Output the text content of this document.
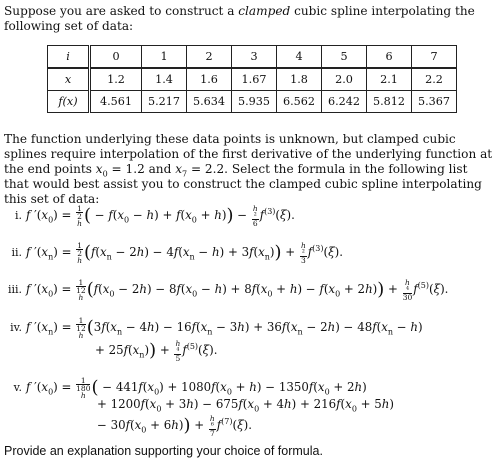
Suppose you are asked to construct a clamped cubic spline interpolating the following set of data:
i	0	1	2	3	4	5	6	7
x	1.2	1.4	1.6	1.67	1.8	2.0	2.1	2.2
f(x)	4.561	5.217	5.634	5.935	6.562	6.242	5.812	5.367
The function underlying these data points is unknown, but clamped cubic splines require interpolation of the first derivative of the underlying function at the end points $x_0 = 1.2$ and $x_7 = 2.2$. Select the formula in the following list that would best assist you to construct the clamped cubic spline interpolating this set of data:
i. f $'(x_0) = 1$
2
h ( − $f(x_0 - h) + f(x_0 + h)) - h$
²
6 $f^{(3)}(\xi)$.
ii. f $'(x_n) = 1$
2
h $(f(x_n - 2h) - 4f(x_n - h) + 3f(x_n)) + h$
²
3 $f^{(3)}(\xi)$.
iii. f $'(x_0) = 1$
12
h $(f(x_0 - 2h) - 8f(x_0 - h) + 8f(x_0 + h) - f(x_0 + 2h)) + h$
⁴
30 $f^{(5)}(\xi)$.
iv. f $'(x_n) = 1$
12
h ($3f(x_n - 4h) - 16f(x_n - 3h) + 36f(x_n - 2h) - 48f(x_n - h)$
+ $25f(x_n)) + h$
⁴
5 $f^{(5)}(\xi)$.
v. f $'(x_0) = 1$
180
h ( − $441f(x_0) + 1080f(x_0 + h) - 1350f(x_0 + 2h)$
+ $1200f(x_0 + 3h) - 675f(x_0 + 4h) + 216f(x_0 + 5h)$
− $30f(x_0 + 6h)) + h$
⁶
7 $f^{(7)}(\xi)$.
Provide an explanation supporting your choice of formula.
